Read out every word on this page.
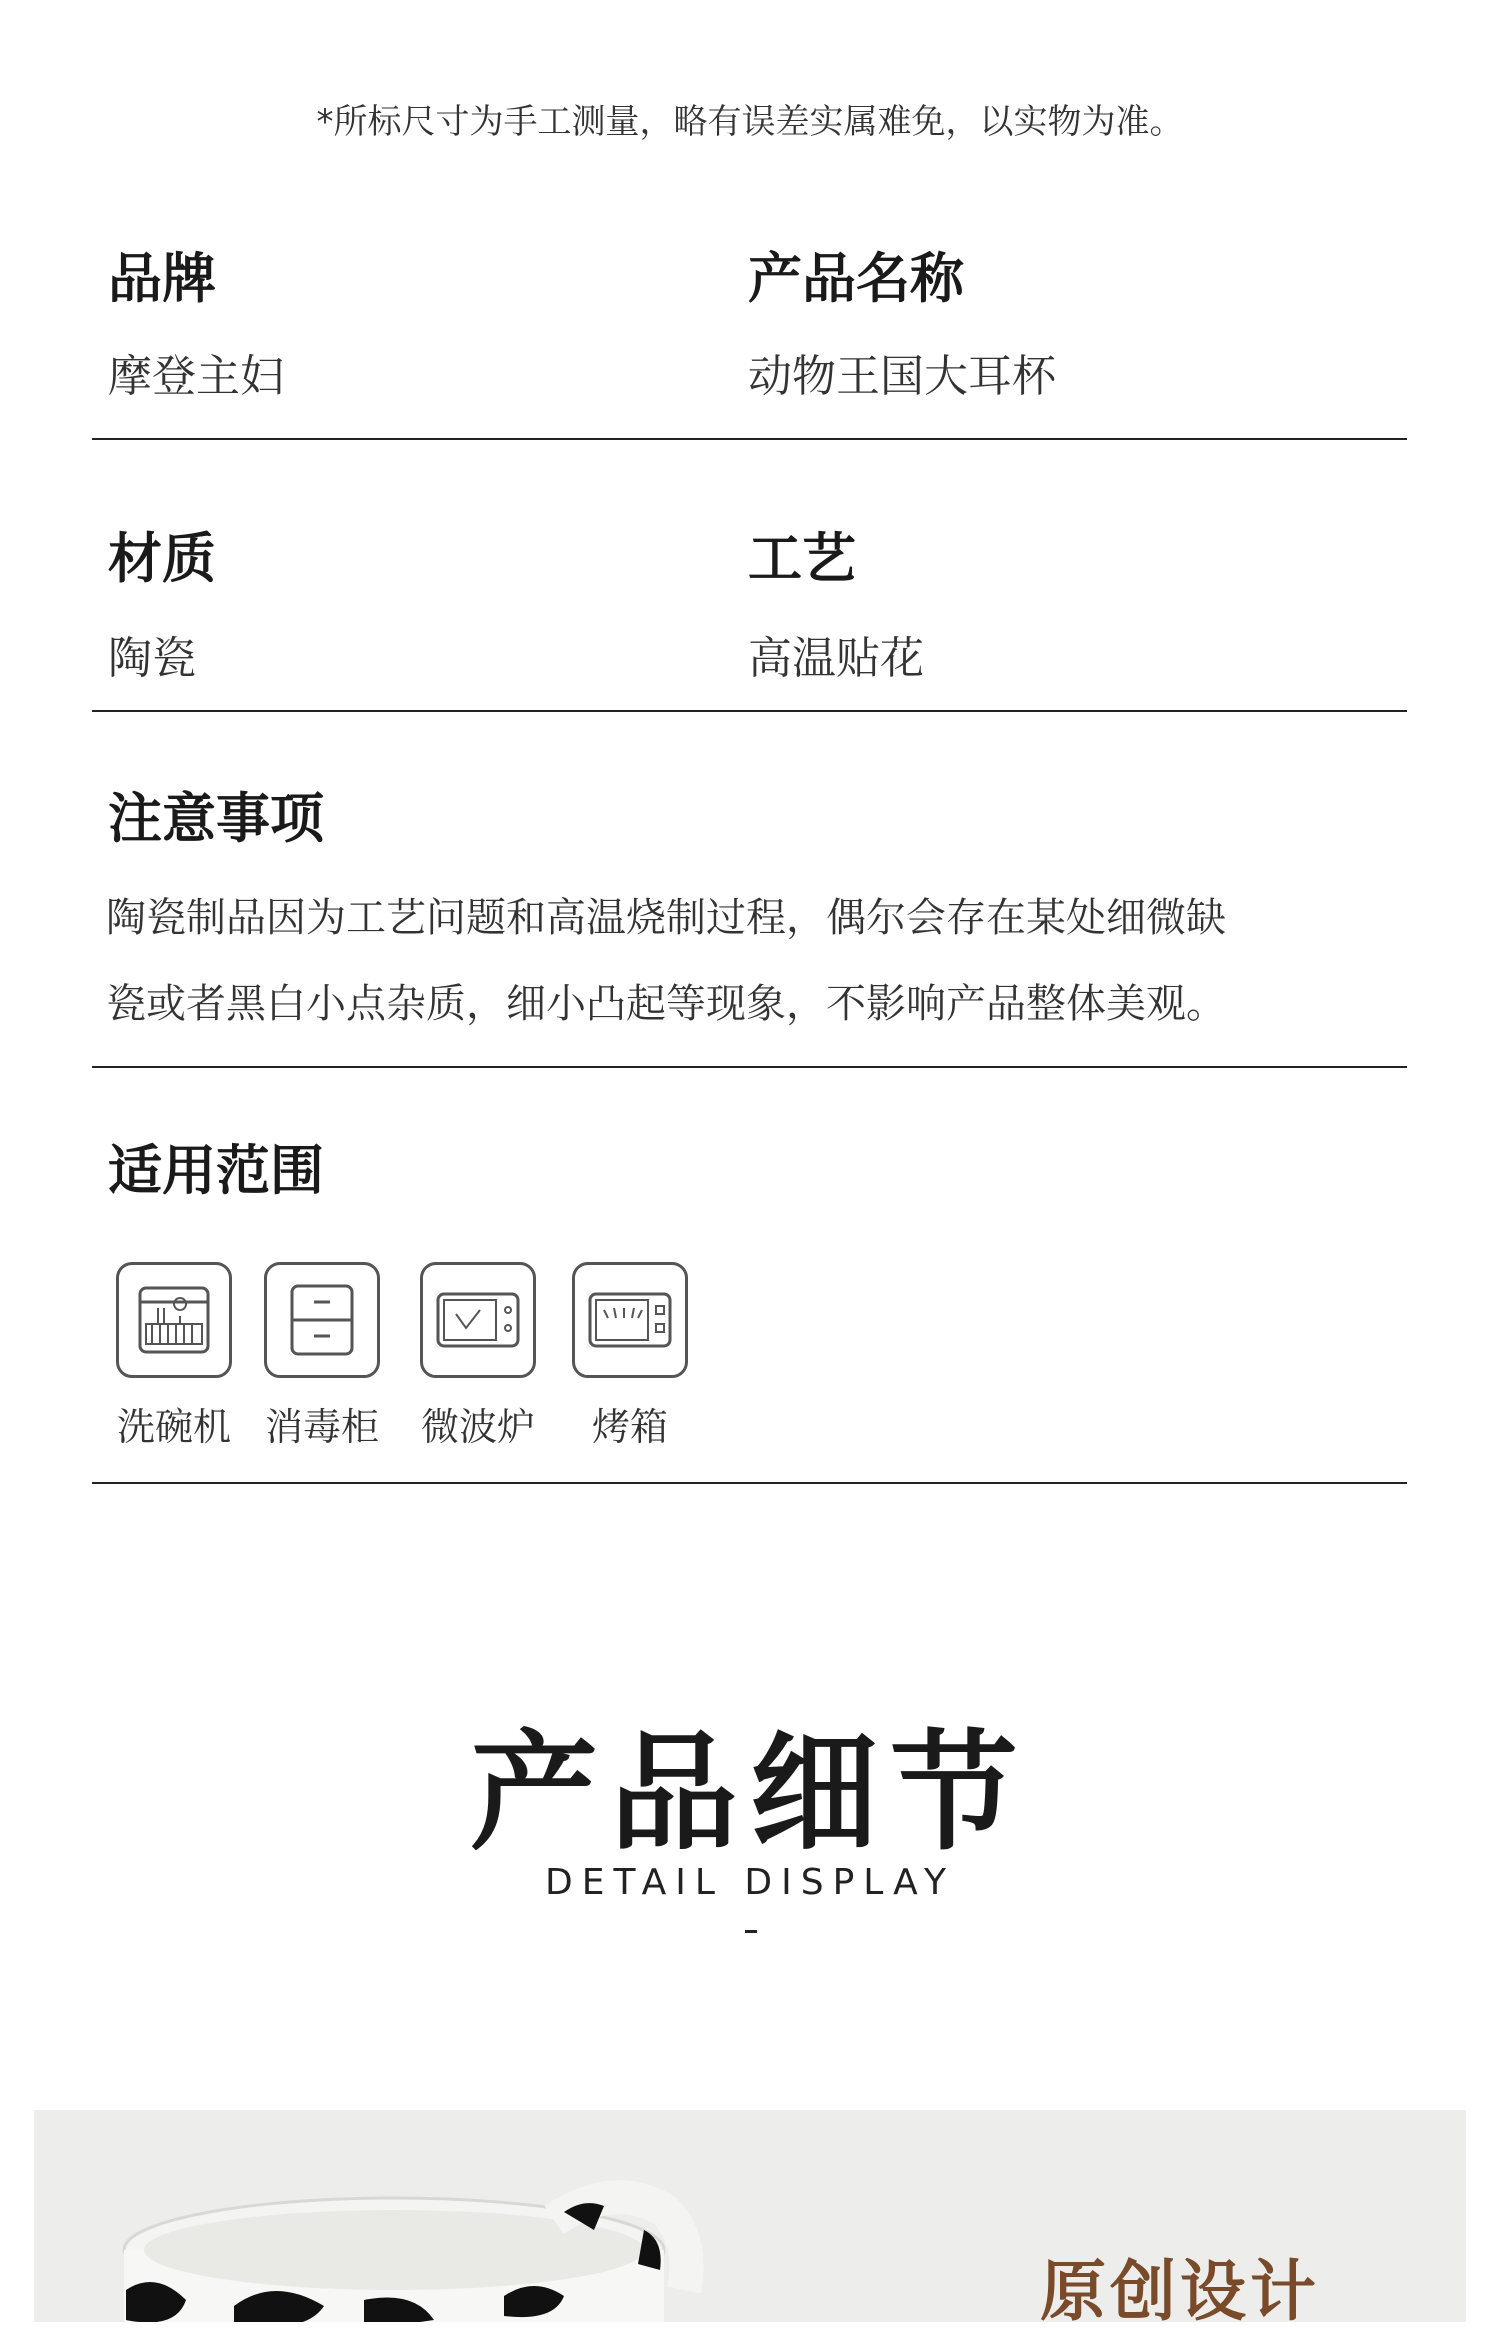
*所标尺寸为手工测量，略有误差实属难免，以实物为准。
品牌
摩登主妇
产品名称
动物王国大耳杯
材质
陶瓷
工艺
高温贴花
注意事项
陶瓷制品因为工艺问题和高温烧制过程，偶尔会存在某处细微缺
瓷或者黑白小点杂质，细小凸起等现象，不影响产品整体美观。
适用范围
洗碗机 消毒柜	微波炉	烤箱
产品细节
DETAIL DISPLAY
原创设计
